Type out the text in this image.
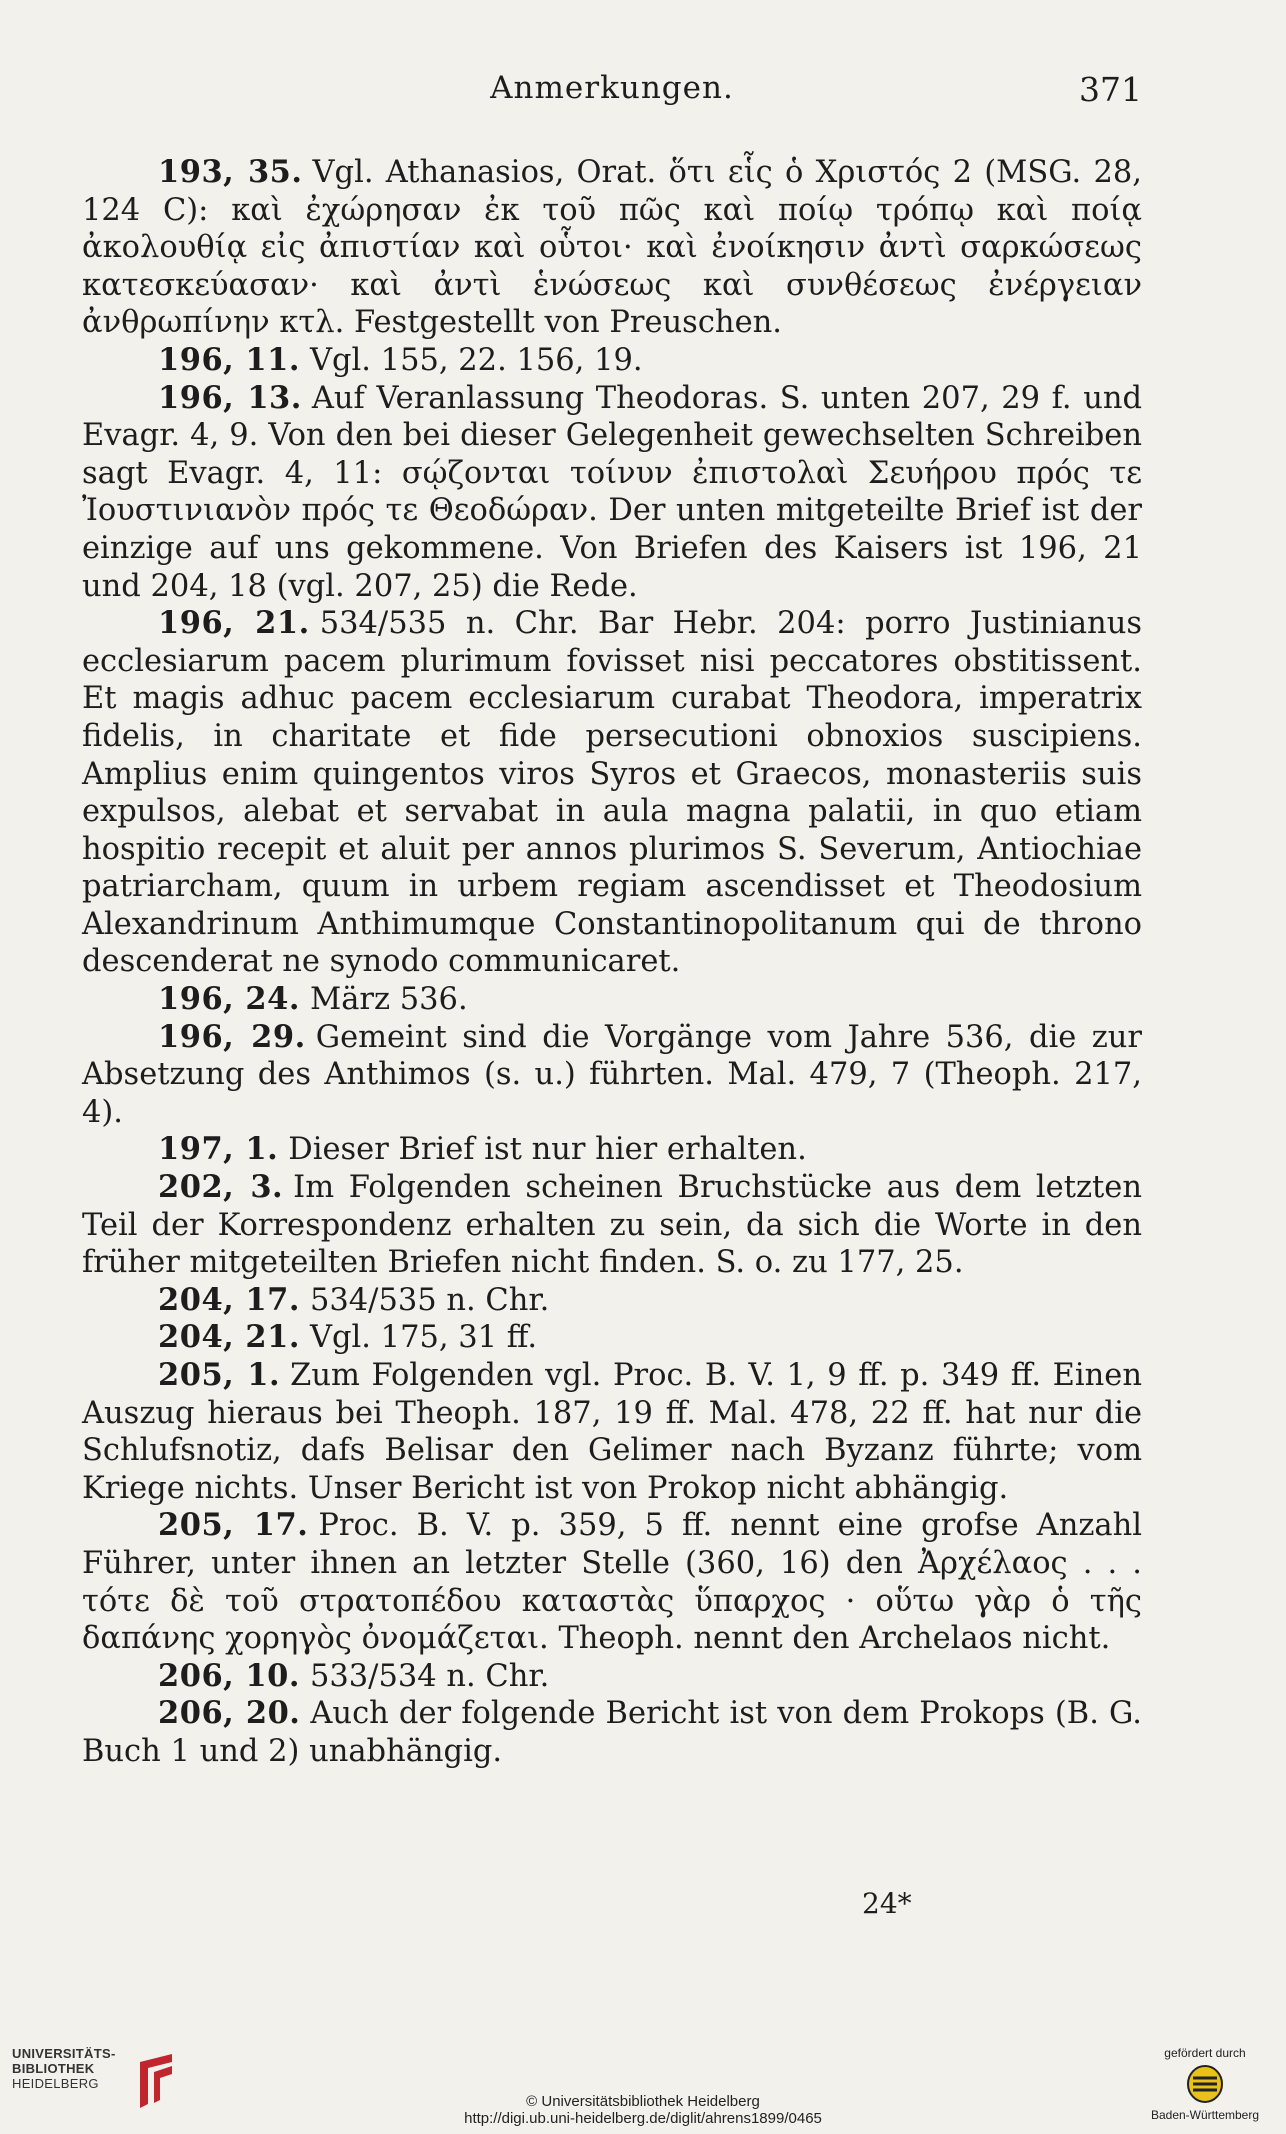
Anmerkungen.	371

193, 35. Vgl. Athanasios, Orat. ὅτι εἷς ὁ Χριστός 2 (MSG. 28, 124 C): καὶ ἐχώρησαν ἐκ τοῦ πῶς καὶ ποίῳ τρόπῳ καὶ ποίᾳ ἀκολουθίᾳ εἰς ἀπιστίαν καὶ οὗτοι· καὶ ἐνοίκησιν ἀντὶ σαρκώσεως κατεσκεύασαν· καὶ ἀντὶ ἑνώσεως καὶ συνθέσεως ἐνέργειαν ἀνθρωπίνην κτλ. Festgestellt von Preuschen.

196, 11. Vgl. 155, 22. 156, 19.

196, 13. Auf Veranlassung Theodoras. S. unten 207, 29 f. und Evagr. 4, 9. Von den bei dieser Gelegenheit gewechselten Schreiben sagt Evagr. 4, 11: σῴζονται τοίνυν ἐπιστολαὶ Σευήρου πρός τε Ἰουστινιανὸν πρός τε Θεοδώραν. Der unten mitgeteilte Brief ist der einzige auf uns gekommene. Von Briefen des Kaisers ist 196, 21 und 204, 18 (vgl. 207, 25) die Rede.

196, 21. 534/535 n. Chr. Bar Hebr. 204: porro Justinianus ecclesiarum pacem plurimum fovisset nisi peccatores obstitissent. Et magis adhuc pacem ecclesiarum curabat Theodora, imperatrix fidelis, in charitate et fide persecutioni obnoxios suscipiens. Amplius enim quingentos viros Syros et Graecos, monasteriis suis expulsos, alebat et servabat in aula magna palatii, in quo etiam hospitio recepit et aluit per annos plurimos S. Severum, Antiochiae patriarcham, quum in urbem regiam ascendisset et Theodosium Alexandrinum Anthimumque Constantinopolitanum qui de throno descenderat ne synodo communicaret.

196, 24. März 536.

196, 29. Gemeint sind die Vorgänge vom Jahre 536, die zur Absetzung des Anthimos (s. u.) führten. Mal. 479, 7 (Theoph. 217, 4).

197, 1. Dieser Brief ist nur hier erhalten.

202, 3. Im Folgenden scheinen Bruchstücke aus dem letzten Teil der Korrespondenz erhalten zu sein, da sich die Worte in den früher mitgeteilten Briefen nicht finden. S. o. zu 177, 25.

204, 17. 534/535 n. Chr.

204, 21. Vgl. 175, 31 ff.

205, 1. Zum Folgenden vgl. Proc. B. V. 1, 9 ff. p. 349 ff. Einen Auszug hieraus bei Theoph. 187, 19 ff. Mal. 478, 22 ff. hat nur die Schlufsnotiz, dafs Belisar den Gelimer nach Byzanz führte; vom Kriege nichts. Unser Bericht ist von Prokop nicht abhängig.

205, 17. Proc. B. V. p. 359, 5 ff. nennt eine grofse Anzahl Führer, unter ihnen an letzter Stelle (360, 16) den Ἀρχέλαος . . . τότε δὲ τοῦ στρατοπέδου καταστὰς ὕπαρχος · οὕτω γὰρ ὁ τῆς δαπάνης χορηγὸς ὀνομάζεται. Theoph. nennt den Archelaos nicht.

206, 10. 533/534 n. Chr.

206, 20. Auch der folgende Bericht ist von dem Prokops (B. G. Buch 1 und 2) unabhängig.

24*
UNIVERSITÄTS-
BIBLIOTHEK
HEIDELBERG
© Universitätsbibliothek Heidelberg
http://digi.ub.uni-heidelberg.de/diglit/ahrens1899/0465
gefördert durch
Baden-Württemberg
